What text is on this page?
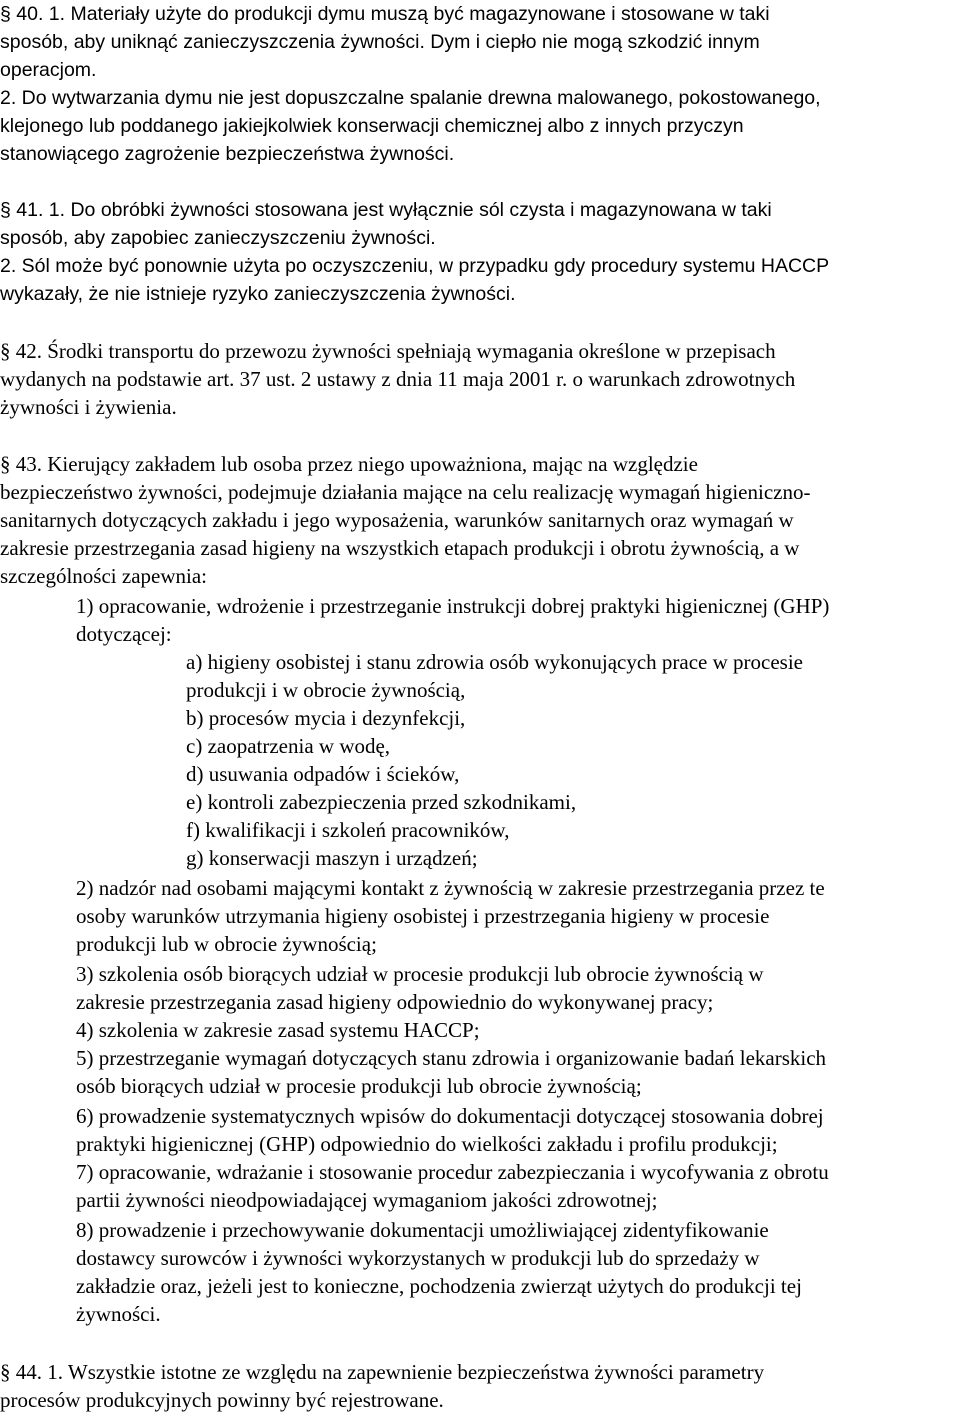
§ 40. 1. Materiały użyte do produkcji dymu muszą być magazynowane i stosowane w taki
sposób, aby uniknąć zanieczyszczenia żywności. Dym i ciepło nie mogą szkodzić innym
operacjom.
2. Do wytwarzania dymu nie jest dopuszczalne spalanie drewna malowanego, pokostowanego,
klejonego lub poddanego jakiejkolwiek konserwacji chemicznej albo z innych przyczyn
stanowiącego zagrożenie bezpieczeństwa żywności.
§ 41. 1. Do obróbki żywności stosowana jest wyłącznie sól czysta i magazynowana w taki
sposób, aby zapobiec zanieczyszczeniu żywności.
2. Sól może być ponownie użyta po oczyszczeniu, w przypadku gdy procedury systemu HACCP
wykazały, że nie istnieje ryzyko zanieczyszczenia żywności.
§ 42. Środki transportu do przewozu żywności spełniają wymagania określone w przepisach
wydanych na podstawie art. 37 ust. 2 ustawy z dnia 11 maja 2001 r. o warunkach zdrowotnych
żywności i żywienia.
§ 43. Kierujący zakładem lub osoba przez niego upoważniona, mając na względzie
bezpieczeństwo żywności, podejmuje działania mające na celu realizację wymagań higieniczno-
sanitarnych dotyczących zakładu i jego wyposażenia, warunków sanitarnych oraz wymagań w
zakresie przestrzegania zasad higieny na wszystkich etapach produkcji i obrotu żywnością, a w
szczególności zapewnia:
1) opracowanie, wdrożenie i przestrzeganie instrukcji dobrej praktyki higienicznej (GHP)
dotyczącej:
a) higieny osobistej i stanu zdrowia osób wykonujących prace w procesie
produkcji i w obrocie żywnością,
b) procesów mycia i dezynfekcji,
c) zaopatrzenia w wodę,
d) usuwania odpadów i ścieków,
e) kontroli zabezpieczenia przed szkodnikami,
f) kwalifikacji i szkoleń pracowników,
g) konserwacji maszyn i urządzeń;
2) nadzór nad osobami mającymi kontakt z żywnością w zakresie przestrzegania przez te
osoby warunków utrzymania higieny osobistej i przestrzegania higieny w procesie
produkcji lub w obrocie żywnością;
3) szkolenia osób biorących udział w procesie produkcji lub obrocie żywnością w
zakresie przestrzegania zasad higieny odpowiednio do wykonywanej pracy;
4) szkolenia w zakresie zasad systemu HACCP;
5) przestrzeganie wymagań dotyczących stanu zdrowia i organizowanie badań lekarskich
osób biorących udział w procesie produkcji lub obrocie żywnością;
6) prowadzenie systematycznych wpisów do dokumentacji dotyczącej stosowania dobrej
praktyki higienicznej (GHP) odpowiednio do wielkości zakładu i profilu produkcji;
7) opracowanie, wdrażanie i stosowanie procedur zabezpieczania i wycofywania z obrotu
partii żywności nieodpowiadającej wymaganiom jakości zdrowotnej;
8) prowadzenie i przechowywanie dokumentacji umożliwiającej zidentyfikowanie
dostawcy surowców i żywności wykorzystanych w produkcji lub do sprzedaży w
zakładzie oraz, jeżeli jest to konieczne, pochodzenia zwierząt użytych do produkcji tej
żywności.
§ 44. 1. Wszystkie istotne ze względu na zapewnienie bezpieczeństwa żywności parametry
procesów produkcyjnych powinny być rejestrowane.
